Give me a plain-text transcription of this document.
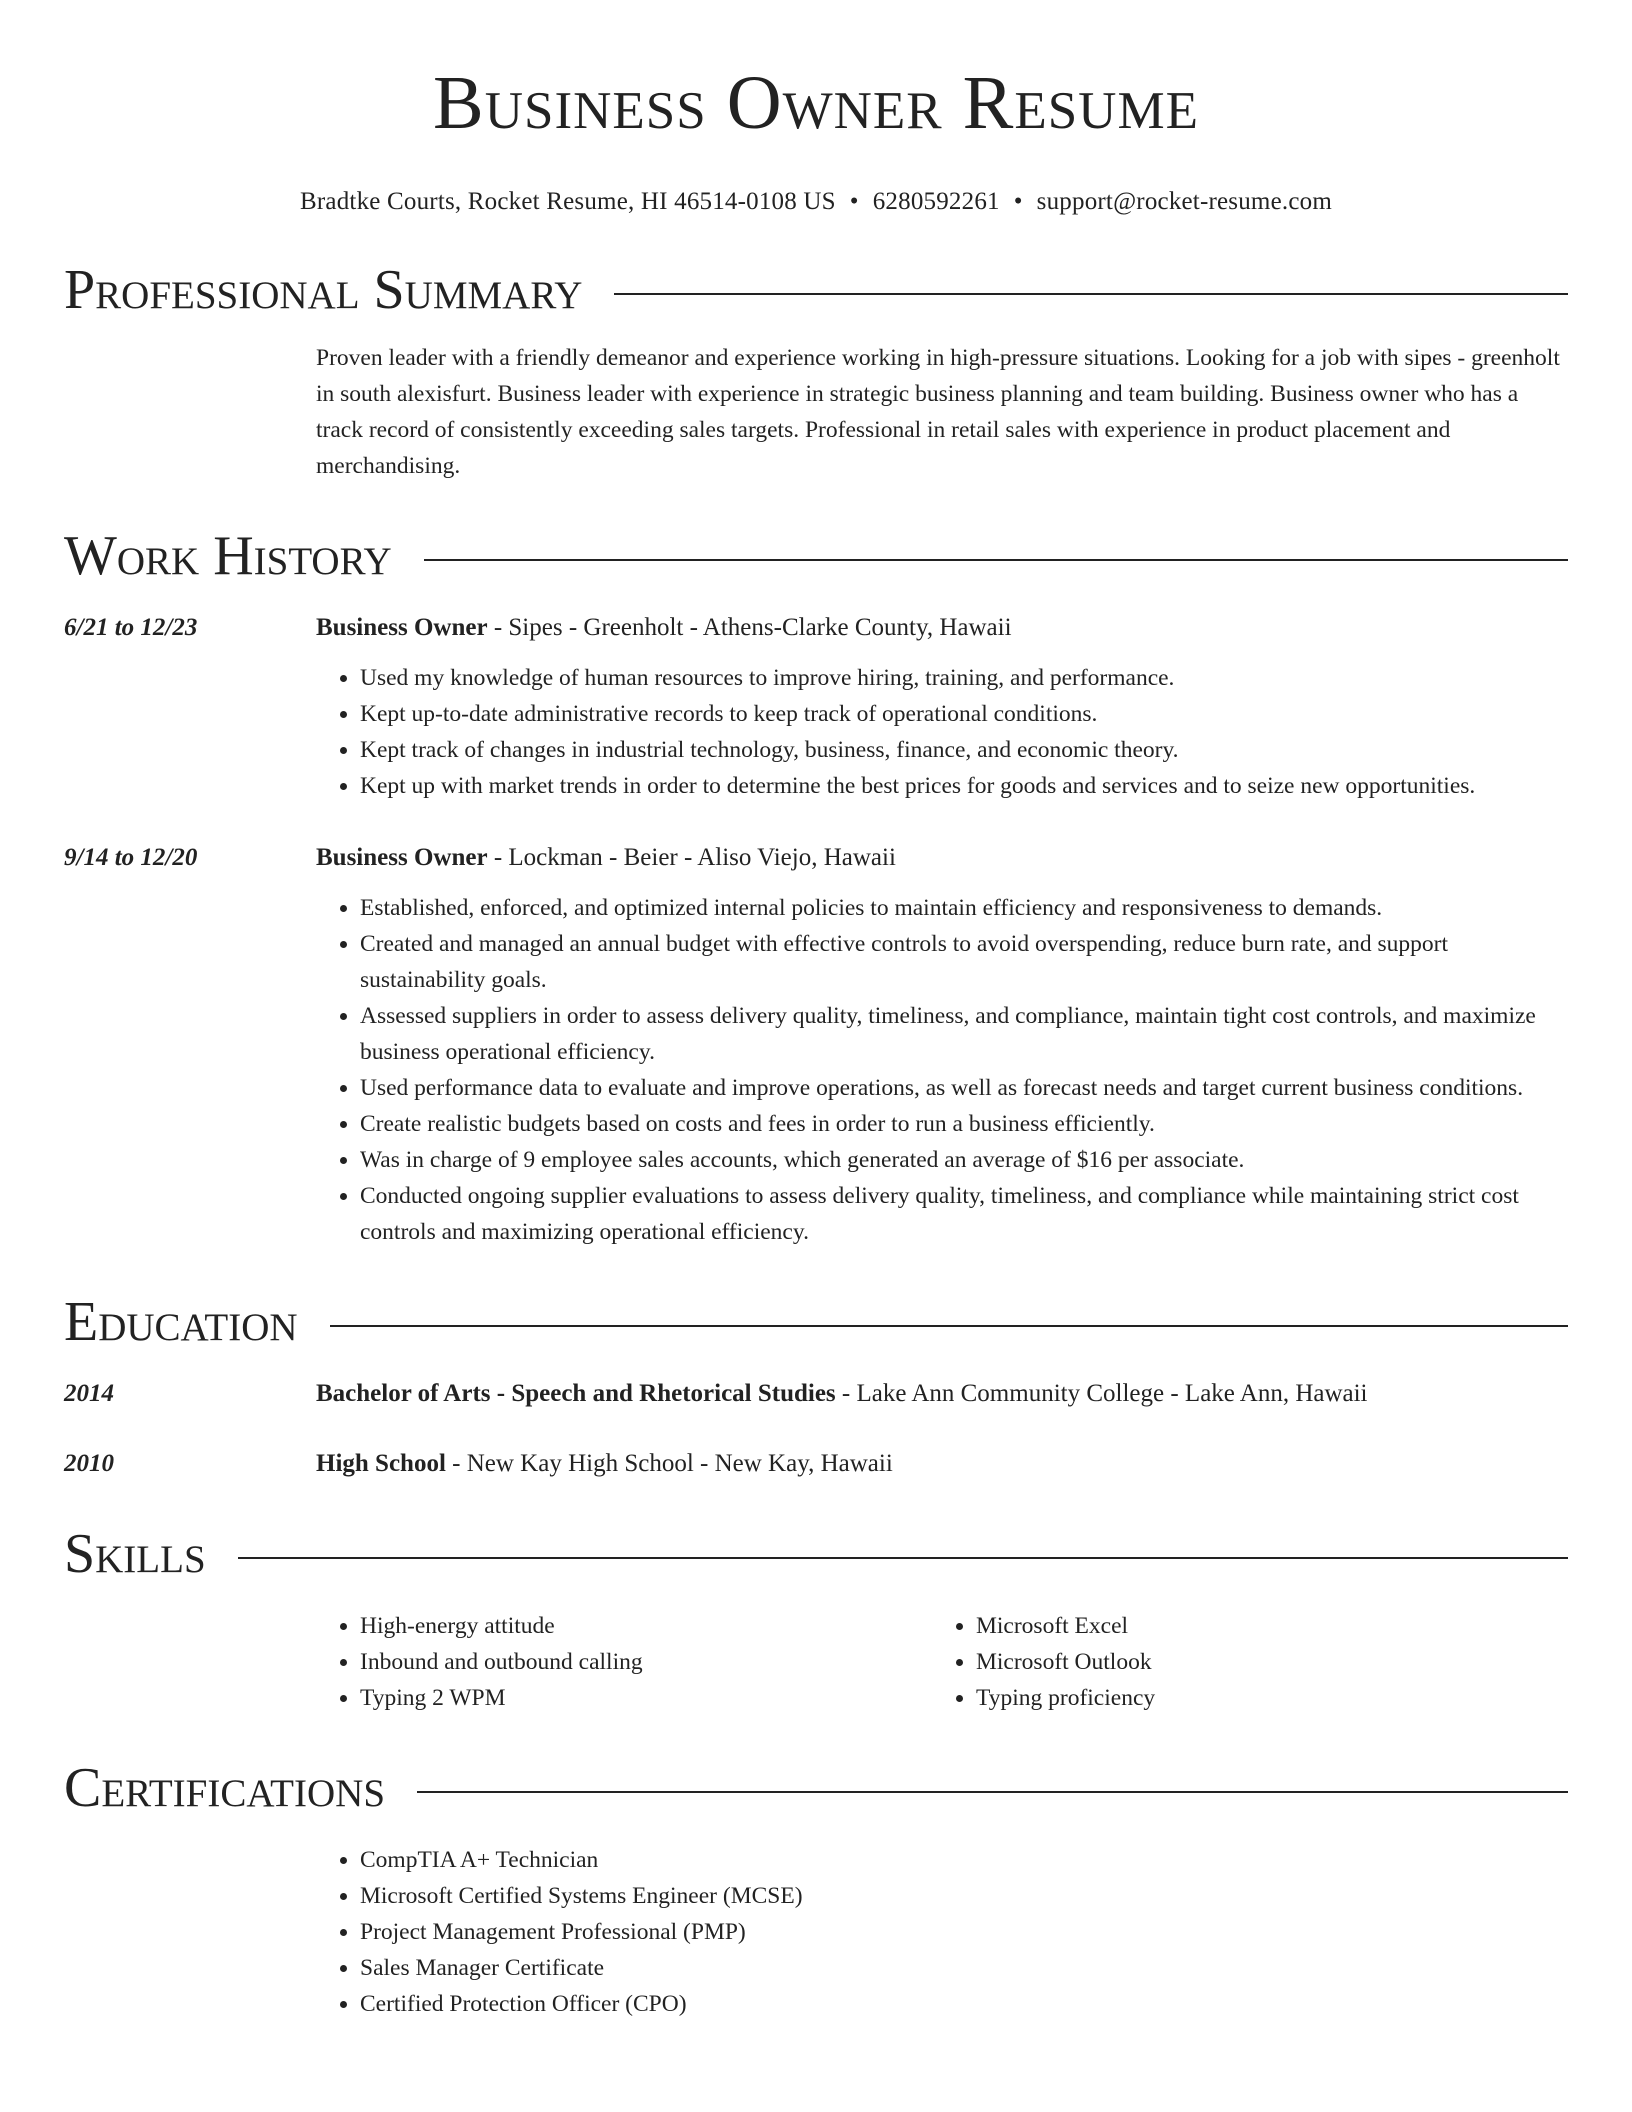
Business Owner Resume
Bradtke Courts, Rocket Resume, HI 46514-0108 US • 6280592261 • support@rocket-resume.com
Professional Summary
Proven leader with a friendly demeanor and experience working in high-pressure situations. Looking for a job with sipes - greenholt in south alexisfurt. Business leader with experience in strategic business planning and team building. Business owner who has a track record of consistently exceeding sales targets. Professional in retail sales with experience in product placement and merchandising.
Work History
6/21 to 12/23	Business Owner - Sipes - Greenholt - Athens-Clarke County, Hawaii
• Used my knowledge of human resources to improve hiring, training, and performance.
• Kept up-to-date administrative records to keep track of operational conditions.
• Kept track of changes in industrial technology, business, finance, and economic theory.
• Kept up with market trends in order to determine the best prices for goods and services and to seize new opportunities.
9/14 to 12/20	Business Owner - Lockman - Beier - Aliso Viejo, Hawaii
• Established, enforced, and optimized internal policies to maintain efficiency and responsiveness to demands.
• Created and managed an annual budget with effective controls to avoid overspending, reduce burn rate, and support sustainability goals.
• Assessed suppliers in order to assess delivery quality, timeliness, and compliance, maintain tight cost controls, and maximize business operational efficiency.
• Used performance data to evaluate and improve operations, as well as forecast needs and target current business conditions.
• Create realistic budgets based on costs and fees in order to run a business efficiently.
• Was in charge of 9 employee sales accounts, which generated an average of $16 per associate.
• Conducted ongoing supplier evaluations to assess delivery quality, timeliness, and compliance while maintaining strict cost controls and maximizing operational efficiency.
Education
2014	Bachelor of Arts - Speech and Rhetorical Studies - Lake Ann Community College - Lake Ann, Hawaii
2010	High School - New Kay High School - New Kay, Hawaii
Skills
• High-energy attitude
• Inbound and outbound calling
• Typing 2 WPM
• Microsoft Excel
• Microsoft Outlook
• Typing proficiency
Certifications
• CompTIA A+ Technician
• Microsoft Certified Systems Engineer (MCSE)
• Project Management Professional (PMP)
• Sales Manager Certificate
• Certified Protection Officer (CPO)
